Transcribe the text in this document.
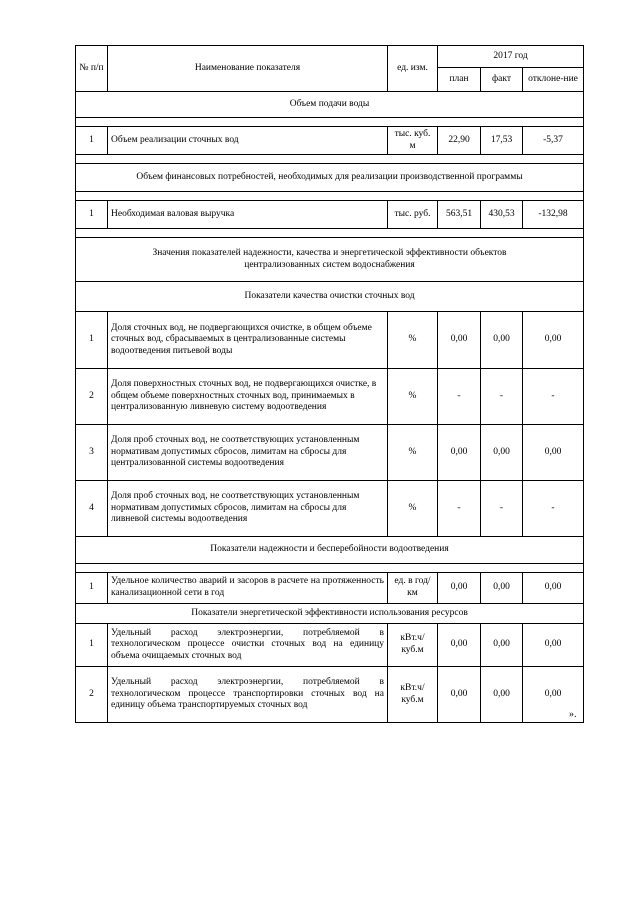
№ п/п	Наименование показателя	ед. изм.	2017 год		
			план	факт	отклоне-ние
Объем подачи воды					

1	Объем реализации сточных вод	тыс. куб. м	22,90	17,53	-5,37

Объем финансовых потребностей, необходимых для реализации производственной программы					

1	Необходимая валовая выручка	тыс. руб.	563,51	430,53	-132,98

Значения показателей надежности, качества и энергетической эффективности объектов централизованных систем водоснабжения					
Показатели качества очистки сточных вод					
1	Доля сточных вод, не подвергающихся очистке, в общем объеме сточных вод, сбрасываемых в централизованные системы водоотведения питьевой воды	%	0,00	0,00	0,00
2	Доля поверхностных сточных вод, не подвергающихся очистке, в общем объеме поверхностных сточных вод, принимаемых в централизованную ливневую систему водоотведения	%	-	-	-
3	Доля проб сточных вод, не соответствующих установленным нормативам допустимых сбросов, лимитам на сбросы для централизованной системы водоотведения	%	0,00	0,00	0,00
4	Доля проб сточных вод, не соответствующих установленным нормативам допустимых сбросов, лимитам на сбросы для ливневой системы водоотведения	%	-	-	-
Показатели надежности и бесперебойности водоотведения					

1	Удельное количество аварий и засоров в расчете на протяженность канализационной сети в год	ед. в год/ км	0,00	0,00	0,00
Показатели энергетической эффективности использования ресурсов					
1	Удельный расход электроэнергии, потребляемой в технологическом процессе очистки сточных вод на единицу объема очищаемых сточных вод	кВт.ч/ куб.м	0,00	0,00	0,00
2	Удельный расход электроэнергии, потребляемой в технологическом процессе транспортировки сточных вод на единицу объема транспортируемых сточных вод	кВт.ч/ куб.м	0,00	0,00	0,00
».
